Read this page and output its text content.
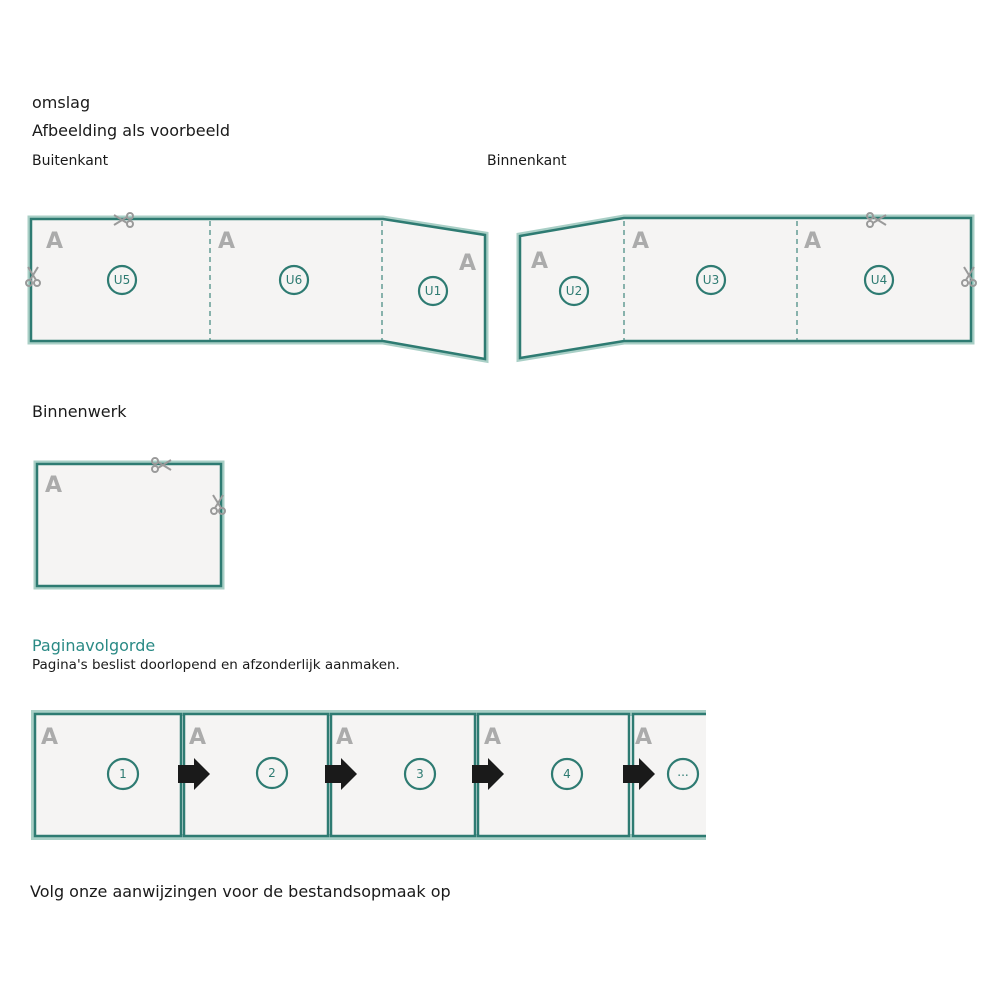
omslag
Afbeelding als voorbeeld
Buitenkant	Binnenkant
Binnenwerk
Paginavolgorde
Pagina's beslist doorlopend en afzonderlijk aanmaken.
Volg onze aanwijzingen voor de bestandsopmaak op
A	A
A
U5	U6
U1
A
A	A
U2
U3	U4
A
A	A	A	A	A
1	2	3	4	...
